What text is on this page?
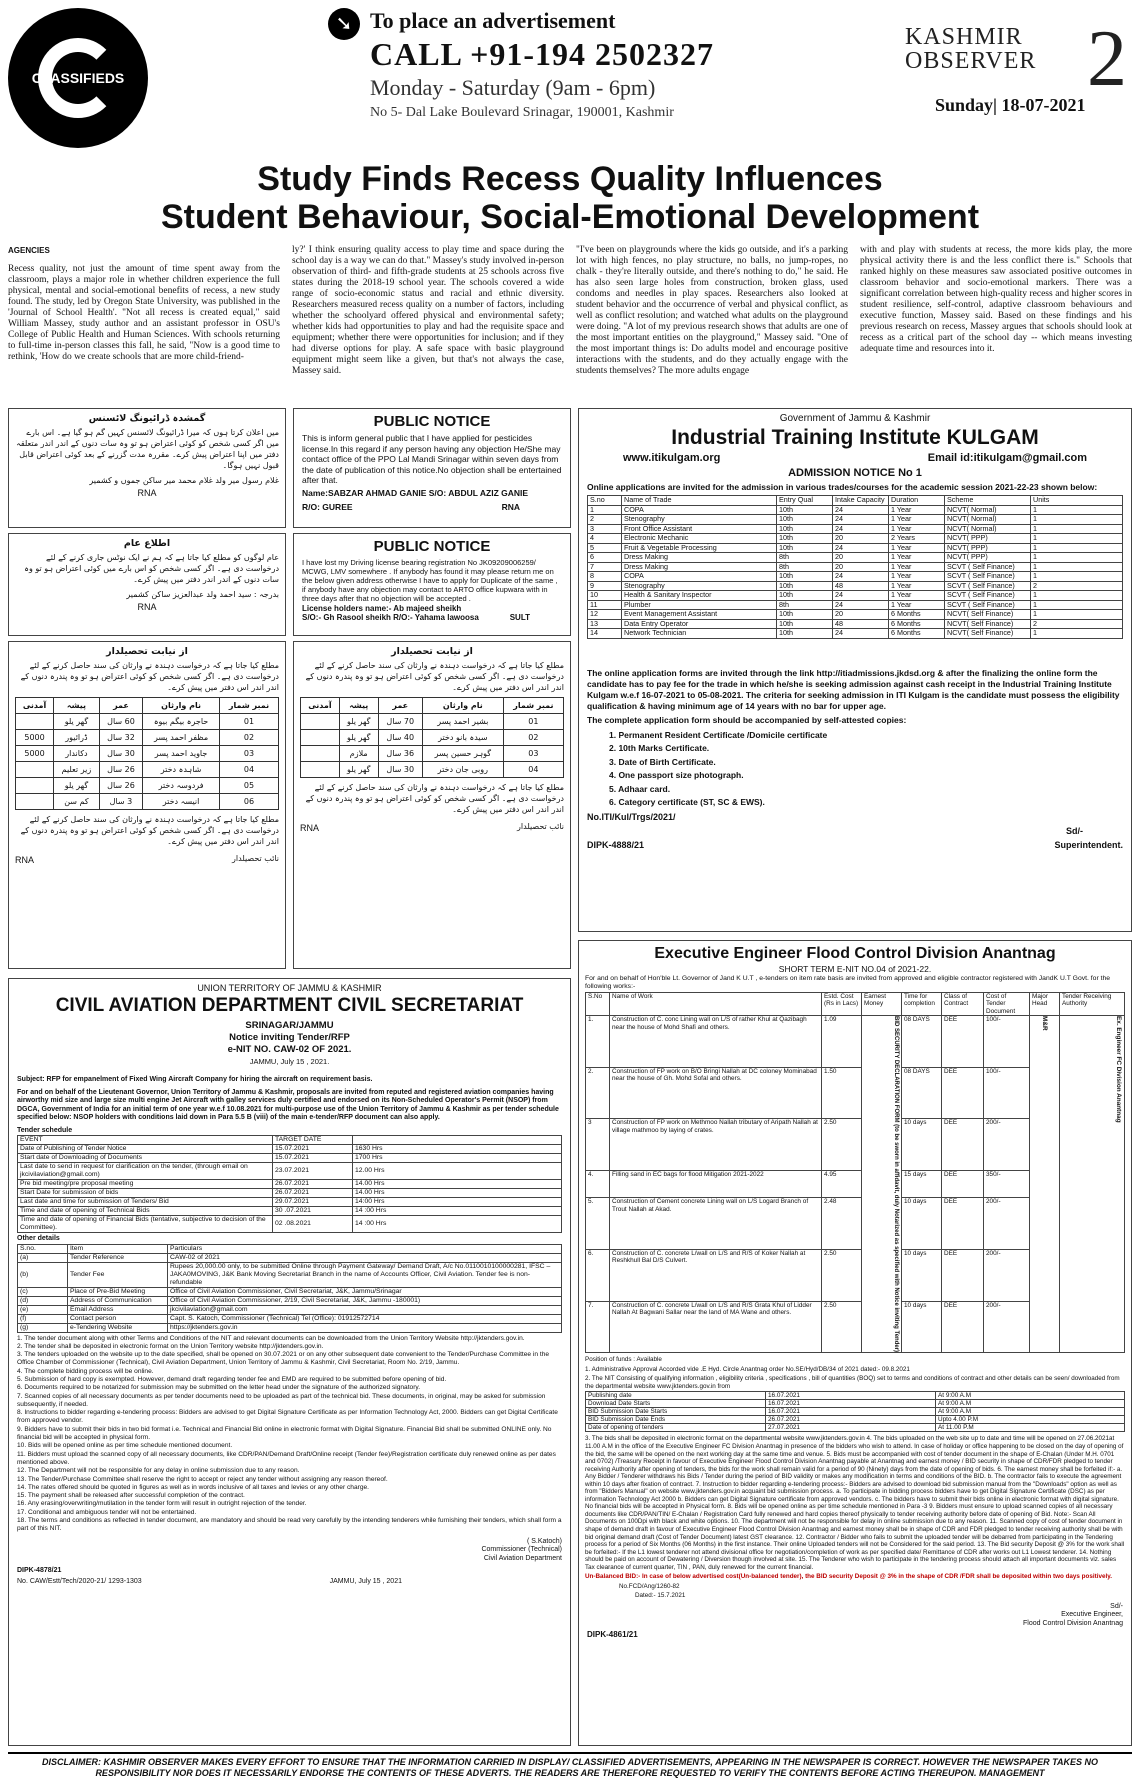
CLASSIFIEDS
➘ To place an advertisement
CALL +91-194 2502327
Monday - Saturday (9am - 6pm)
No 5- Dal Lake Boulevard Srinagar, 190001, Kashmir
KASHMIR
OBSERVER 2
Sunday| 18-07-2021
Study Finds Recess Quality Influences
Student Behaviour, Social-Emotional Development
AGENCIES
Recess quality, not just the amount of time spent away from the classroom, plays a major role in whether children experience the full physical, mental and social-emotional benefits of recess, a new study found. The study, led by Oregon State University, was published in the 'Journal of School Health'. "Not all recess is created equal," said William Massey, study author and an assistant professor in OSU's College of Public Health and Human Sciences. With schools returning to full-time in-person classes this fall, he said, "Now is a good time to rethink, 'How do we create schools that are more child-friend-
ly?' I think ensuring quality access to play time and space during the school day is a way we can do that." Massey's study involved in-person observation of third- and fifth-grade students at 25 schools across five states during the 2018-19 school year. The schools covered a wide range of socio-economic status and racial and ethnic diversity. Researchers measured recess quality on a number of factors, including whether the schoolyard offered physical and environmental safety; whether kids had opportunities to play and had the requisite space and equipment; whether there were opportunities for inclusion; and if they had diverse options for play. A safe space with basic playground equipment might seem like a given, but that's not always the case, Massey said.
"I've been on playgrounds where the kids go outside, and it's a parking lot with high fences, no play structure, no balls, no jump-ropes, no chalk - they're literally outside, and there's nothing to do," he said. He has also seen large holes from construction, broken glass, used condoms and needles in play spaces. Researchers also looked at student behavior and the occurrence of verbal and physical conflict, as well as conflict resolution; and watched what adults on the playground were doing. "A lot of my previous research shows that adults are one of the most important entities on the playground," Massey said. "One of the most important things is: Do adults model and encourage positive interactions with the students, and do they actually engage with the students themselves? The more adults engage
with and play with students at recess, the more kids play, the more physical activity there is and the less conflict there is." Schools that ranked highly on these measures saw associated positive outcomes in classroom behavior and socio-emotional markers. There was a significant correlation between high-quality recess and higher scores in student resilience, self-control, adaptive classroom behaviours and executive function, Massey said. Based on these findings and his previous research on recess, Massey argues that schools should look at recess as a critical part of the school day -- which means investing adequate time and resources into it.
گمشدہ ڈرائیونگ لائسنس
میں اعلان کرتا ہوں کہ میرا ڈرائیونگ لائسنس کہیں گم ہو گیا ہے۔ اس بارے میں اگر کسی شخص کو کوئی اعتراض ہو تو وہ سات دنوں کے اندر اندر متعلقہ دفتر میں اپنا اعتراض پیش کرے۔ مقررہ مدت گزرنے کے بعد کوئی اعتراض قابل قبول نہیں ہوگا۔
غلام رسول میر ولد غلام محمد میر ساکن جموں و کشمیر
RNA
اطلاع عام
عام لوگوں کو مطلع کیا جاتا ہے کہ ہم نے ایک نوٹس جاری کرنے کے لئے درخواست دی ہے۔ اگر کسی شخص کو اس بارے میں کوئی اعتراض ہو تو وہ سات دنوں کے اندر اندر دفتر میں پیش کرے۔
بدرجہ : سید احمد ولد عبدالعزیز ساکن کشمیر
RNA
PUBLIC NOTICE
This is inform general public that I have applied for pesticides license.In this regard if any person having any objection He/She may contact office of the PPO Lal Mandi Srinagar within seven days from the date of publication of this notice.No objection shall be entertained after that.
Name:SABZAR AHMAD GANIE S/O: ABDUL AZIZ GANIE
R/O: GUREE	RNA
PUBLIC NOTICE
I have lost my Driving license bearing registration No JK09209006259/ MCWG, LMV somewhere . If anybody has found it may please return me on the below given address otherwise I have to apply for Duplicate of the same , if anybody have any objection may contact to ARTO office kupwara with in three days after that no objection will be accepted .
License holders name:- Ab majeed sheikh
S/O:- Gh Rasool sheikh R/O:- Yahama lawoosa	SULT
از نیابت تحصیلدار
مطلع کیا جاتا ہے کہ درخواست دہندہ نے وارثان کی سند حاصل کرنے کے لئے درخواست دی ہے۔ اگر کسی شخص کو کوئی اعتراض ہو تو وہ پندرہ دنوں کے اندر اندر اس دفتر میں پیش کرے۔
نمبر شمار	نام وارثان	عمر	پیشہ	آمدنی
01	حاجرہ بیگم بیوہ	60 سال	گھر یلو	
02	مظفر احمد پسر	32 سال	ڈرائیور	5000
03	جاوید احمد پسر	30 سال	دکاندار	5000
04	شاہدہ دختر	26 سال	زیر تعلیم	
05	فردوسہ دختر	26 سال	گھر یلو	
06	انیسہ دختر	3 سال	کم سن	
مطلع کیا جاتا ہے کہ درخواست دہندہ نے وارثان کی سند حاصل کرنے کے لئے درخواست دی ہے۔ اگر کسی شخص کو کوئی اعتراض ہو تو وہ پندرہ دنوں کے اندر اندر اس دفتر میں پیش کرے۔
RNA	نائب تحصیلدار
از نیابت تحصیلدار
مطلع کیا جاتا ہے کہ درخواست دہندہ نے وارثان کی سند حاصل کرنے کے لئے درخواست دی ہے۔ اگر کسی شخص کو کوئی اعتراض ہو تو وہ پندرہ دنوں کے اندر اندر اس دفتر میں پیش کرے۔
نمبر شمار	نام وارثان	عمر	پیشہ	آمدنی
01	بشیر احمد پسر	70 سال	گھر یلو	
02	سیدہ بانو دختر	40 سال	گھر یلو	
03	گوہر حسین پسر	36 سال	ملازم	
04	روبی جان دختر	30 سال	گھر یلو	
مطلع کیا جاتا ہے کہ درخواست دہندہ نے وارثان کی سند حاصل کرنے کے لئے درخواست دی ہے۔ اگر کسی شخص کو کوئی اعتراض ہو تو وہ پندرہ دنوں کے اندر اندر اس دفتر میں پیش کرے۔
RNA	نائب تحصیلدار
Government of Jammu & Kashmir
Industrial Training Institute KULGAM
www.itikulgam.org	Email id:itikulgam@gmail.com
ADMISSION NOTICE No 1
Online applications are invited for the admission in various trades/courses for the academic session 2021-22-23 shown below:
S.no	Name of Trade	Entry Qual	Intake Capacity	Duration	Scheme	Units
1	COPA	10th	24	1 Year	NCVT( Normal)	1
2	Stenography	10th	24	1 Year	NCVT( Normal)	1
3	Front Office Assistant	10th	24	1 Year	NCVT( Normal)	1
4	Electronic Mechanic	10th	20	2 Years	NCVT( PPP)	1
5	Fruit & Vegetable Processing	10th	24	1 Year	NCVT( PPP)	1
6	Dress Making	8th	20	1 Year	NCVT( PPP)	1
7	Dress Making	8th	20	1 Year	SCVT ( Self Finance)	1
8	COPA	10th	24	1 Year	SCVT ( Self Finance)	1
9	Stenography	10th	48	1 Year	SCVT ( Self Finance)	2
10	Health & Sanitary Inspector	10th	24	1 Year	SCVT ( Self Finance)	1
11	Plumber	8th	24	1 Year	SCVT ( Self Finance)	1
12	Event Management Assistant	10th	20	6 Months	NCVT( Self Finance)	1
13	Data Entry Operator	10th	48	6 Months	NCVT( Self Finance)	2
14	Network Technician	10th	24	6 Months	NCVT( Self Finance)	1
The online application forms are invited through the link http://itiadmissions.jkdsd.org & after the finalizing the online form the candidate has to pay fee for the trade in which he/she is seeking admission against cash receipt in the Industrial Training Institute Kulgam w.e.f 16-07-2021 to 05-08-2021. The criteria for seeking admission in ITI Kulgam is the candidate must possess the eligibility qualification & having minimum age of 14 years with no bar for upper age.
The complete application form should be accompanied by self-attested copies:
1. Permanent Resident Certificate /Domicile certificate
2. 10th Marks Certificate.
3. Date of Birth Certificate.
4. One passport size photograph.
5. Adhaar card.
6. Category certificate (ST, SC & EWS).
No.ITI/Kul/Trgs/2021/
Sd/-
DIPK-4888/21	Superintendent.
UNION TERRITORY OF JAMMU & KASHMIR
CIVIL AVIATION DEPARTMENT CIVIL SECRETARIAT
SRINAGAR/JAMMU
Notice inviting Tender/RFP
e-NIT NO. CAW-02 OF 2021.
JAMMU, July 15 , 2021.
Subject: RFP for empanelment of Fixed Wing Aircraft Company for hiring the aircraft on requirement basis.
For and on behalf of the Lieutenant Governor, Union Territory of Jammu & Kashmir, proposals are invited from reputed and registered aviation companies having airworthy mid size and large size multi engine Jet Aircraft with galley services duly certified and endorsed on its Non-Scheduled Operator's Permit (NSOP) from DGCA, Government of India for an initial term of one year w.e.f 10.08.2021 for multi-purpose use of the Union Territory of Jammu & Kashmir as per tender schedule specified below: NSOP holders with conditions laid down in Para 5.5 B (viii) of the main e-tender/RFP document can also apply.
Tender schedule
EVENT	TARGET DATE	
Date of Publishing of Tender Notice	15.07.2021	1630 Hrs
Start date of Downloading of Documents	15.07.2021	1700 Hrs
Last date to send in request for clarification on the tender, (through email on jkcivilaviation@gmail.com)	23.07.2021	12.00 Hrs
Pre bid meeting/pre proposal meeting	26.07.2021	14.00 Hrs
Start Date for submission of bids	26.07.2021	14.00 Hrs
Last date and time for submission of Tenders/ Bid	29.07.2021	14:00 Hrs
Time and date of opening of Technical Bids	30 .07.2021	14 :00 Hrs
Time and date of opening of Financial Bids (tentative, subjective to decision of the Committee).	02 .08.2021	14 :00 Hrs
Other details
S.no.	Item	Particulars
(a)	Tender Reference	CAW-02 of 2021
(b)	Tender Fee	Rupees 20,000.00 only, to be submitted Online through Payment Gateway/ Demand Draft, A/c No.0110010100000281, IFSC – JAKA0MOVING, J&K Bank Moving Secretariat Branch in the name of Accounts Officer, Civil Aviation. Tender fee is non-refundable
(c)	Place of Pre-Bid Meeting	Office of Civil Aviation Commissioner, Civil Secretariat, J&K, Jammu/Srinagar
(d)	Address of Communication	Office of Civil Aviation Commissioner, 2/19, Civil Secretariat, J&K, Jammu -180001)
(e)	Email Address	jkcivilaviation@gmail.com
(f)	Contact person	Capt. S. Katoch, Commissioner (Technical) Tel (Office): 01912572714
(g)	e-Tendering Website	https://jktenders.gov.in
1. The tender document along with other Terms and Conditions of the NIT and relevant documents can be downloaded from the Union Territory Website http://jktenders.gov.in.
2. The tender shall be deposited in electronic format on the Union Territory website http://jktenders.gov.in.
3. The tenders uploaded on the website up to the date specified, shall be opened on 30.07.2021 or on any other subsequent date convenient to the Tender/Purchase Committee in the Office Chamber of Commissioner (Technical), Civil Aviation Department, Union Territory of Jammu & Kashmir, Civil Secretariat, Room No. 2/19, Jammu.
4. The complete bidding process will be online.
5. Submission of hard copy is exempted. However, demand draft regarding tender fee and EMD are required to be submitted before opening of bid.
6. Documents required to be notarized for submission may be submitted on the letter head under the signature of the authorized signatory.
7. Scanned copies of all necessary documents as per tender documents need to be uploaded as part of the technical bid. These documents, in original, may be asked for submission subsequently, if needed.
8. Instructions to bidder regarding e-tendering process: Bidders are advised to get Digital Signature Certificate as per Information Technology Act, 2000. Bidders can get Digital Certificate from approved vendor.
9. Bidders have to submit their bids in two bid format i.e. Technical and Financial Bid online in electronic format with Digital Signature. Financial Bid shall be submitted ONLINE only. No financial bid will be accepted in physical form.
10. Bids will be opened online as per time schedule mentioned document.
11. Bidders must upload the scanned copy of all necessary documents, like CDR/PAN/Demand Draft/Online receipt (Tender fee)/Registration certificate duly renewed online as per dates mentioned above.
12. The Department will not be responsible for any delay in online submission due to any reason.
13. The Tender/Purchase Committee shall reserve the right to accept or reject any tender without assigning any reason thereof.
14. The rates offered should be quoted in figures as well as in words inclusive of all taxes and levies or any other charge.
15. The payment shall be released after successful completion of the contract.
16. Any erasing/overwriting/mutilation in the tender form will result in outright rejection of the tender.
17. Conditional and ambiguous tender will not be entertained.
18. The terms and conditions as reflected in tender document, are mandatory and should be read very carefully by the intending tenderers while furnishing their tenders, which shall form a part of this NIT.
( S.Katoch)
Commissioner (Technical)
Civil Aviation Department
DIPK-4878/21
No. CAW/Estt/Tech/2020-21/ 1293-1303	JAMMU, July 15 , 2021
Executive Engineer Flood Control Division Anantnag
SHORT TERM E-NIT NO.04 of 2021-22.
For and on behalf of Hon'ble Lt. Governor of Jand K U.T , e-tenders on item rate basis are invited from approved and eligible contractor registered with JandK U.T Govt. for the following works:-
S.No	Name of Work	Estd. Cost (Rs in Lacs)	Earnest Money	Time for completion	Class of Contract	Cost of Tender Document	Major Head	Tender Receiving Authority
1.	Construction of C. conc Lining wall on L/S of rather Khul at Qazibagh near the house of Mohd Shafi and others.	1.09	BID SECURITY DECLARATION FORM (to be sworn in affidavit, duly Notarized as specified with Notice inviting Tender)	08 DAYS	DEE	100/-	M&R	Ex. Engineer FC Division Anantnag
2.	Construction of FP work on B/O Bringi Nallah at DC coloney Mominabad near the house of Gh. Mohd Sofal and others.	1.50		08 DAYS	DEE	100/-		
3	Construction of FP work on Methmoo Nallah tributary of Aripath Nallah at village mathmoo by laying of crates.	2.50		10 days	DEE	200/-		
4.	Filling sand in EC bags for flood Mitigation 2021-2022	4.95		15 days	DEE	350/-		
5.	Construction of Cement concrete Lining wall on L/S Logard Branch of Trout Nallah at Akad.	2.48		10 days	DEE	200/-		
6.	Construction of C. concrete L/wall on L/S and R/S of Koker Nallah at Reshkhull Bal D/S Culvert.	2.50		10 days	DEE	200/-		
7.	Construction of C. concrete L/wall on L/S and R/S Grata Khul of Lidder Nallah At Bagwani Sallar near the land of MA Wane and others.	2.50		10 days	DEE	200/-		
Position of funds : Available
1. Administrative Approval Accorded vide .E Hyd. Circle Anantnag order No.SE/Hyd/DB/34 of 2021 dated:- 09.8.2021
2. The NIT Consisting of qualifying information , eligibility criteria , specifications , bill of quantities (BOQ) set to terms and conditions of contract and other details can be seen/ downloaded from the departmental website www.jktenders.gov.in from
Publishing date	16.07.2021	At 9:00 A.M
Download Date Starts	16.07.2021	At 9:00 A.M
BID Submission Date Starts	16.07.2021	At 9:00 A.M
BID Submission Date Ends	26.07.2021	Upto 4.00 P.M
Date of opening of tenders	27.07.2021	At 11.00 P.M
3. The bids shall be deposited in electronic format on the departmental website www.jktenders.gov.in 4. The bids uploaded on the web site up to date and time will be opened on 27.06.2021at 11.00 A.M in the office of the Executive Engineer FC Division Anantnag in presence of the bidders who wish to attend. In case of holiday or office happening to be closed on the day of opening of the bid, the same will be opened on the next working day at the same time and venue. 5. Bids must be accompanied with cost of tender document in the shape of E-Chalan (Under M.H. 0701 and 0702) /Treasury Receipt in favour of Executive Engineer Flood Control Division Anantnag payable at Anantnag and earnest money / BID security in shape of CDR/FDR pledged to tender receiving Authority after opening of tenders, the bids for the work shall remain valid for a period of 90 (Ninety) days from the date of opening of bids. 6. The earnest money shall be forfeited if:- a. Any Bidder / Tenderer withdraws his Bids / Tender during the period of BID validity or makes any modification in terms and conditions of the BID. b. The contractor fails to execute the agreement within 10 days after fixation of contract. 7. Instruction to bidder regarding e-tendering process:- Bidders are advised to download bid submission manual from the "Downloads" option as well as from "Bidders Manual" on website www.jktenders.gov.in acquaint bid submission process. a. To participate in bidding process bidders have to get Digital Signature Certificate (DSC) as per information Technology Act 2000 b. Bidders can get Digital Signature certificate from approved vendors. c. The bidders have to submit their bids online in electronic format with digital signature. No financial bids will be accepted in Physical form. 8. Bids will be opened online as per time schedule mentioned in Para -3 9. Bidders must ensure to upload scanned copies of all necessary documents like CDR/PAN/TIN/ E-Chalan / Registration Card fully renewed and hard copies thereof physically to tender receiving authority before date of opening of Bid. Note:- Scan All Documents on 100Dpi with black and white options. 10. The department will not be responsible for delay in online submission due to any reason. 11. Scanned copy of cost of tender document in shape of demand draft in favour of Executive Engineer Flood Control Division Anantnag and earnest money shall be in shape of CDR and FDR pledged to tender receiving authority shall be with bid original demand draft (Cost of Tender Document) latest GST clearance. 12. Contractor / Bidder who fails to submit the uploaded tender will be debarred from participating in the Tendering process for a period of Six Months (06 Months) in the first instance. Their online Uploaded tenders will not be Considered for the said period. 13. The Bid security Deposit @ 3% for the work shall be forfeited:- If the L1 lowest tenderer not attend divisional office for negotiation/completion of work as per specified date/ Remittance of CDR after works out L1 Lowest tenderer. 14. Nothing should be paid on account of Dewatering / Diversion though involved at site. 15. The Tenderer who wish to participate in the tendering process should attach all important documents viz. sales Tax clearance of current quarter, TIN , PAN, duly renewed for the current financial.
Un-Balanced BID:- In case of below advertised cost(Un-balanced tender), the BID security Deposit @ 3% in the shape of CDR /FDR shall be deposited within two days positively.
No.FCD/Ang/1260-82
Dated:- 15.7.2021
Sd/-
Executive Engineer,
Flood Control Division Anantnag
DIPK-4861/21
DISCLAIMER: KASHMIR OBSERVER MAKES EVERY EFFORT TO ENSURE THAT THE INFORMATION CARRIED IN DISPLAY/ CLASSIFIED ADVERTISEMENTS, APPEARING IN THE NEWSPAPER IS CORRECT. HOWEVER THE NEWSPAPER TAKES NO
RESPONSIBILITY NOR DOES IT NECESSARILY ENDORSE THE CONTENTS OF THESE ADVERTS. THE READERS ARE THEREFORE REQUESTED TO VERIFY THE CONTENTS BEFORE ACTING THEREUPON. MANAGEMENT
